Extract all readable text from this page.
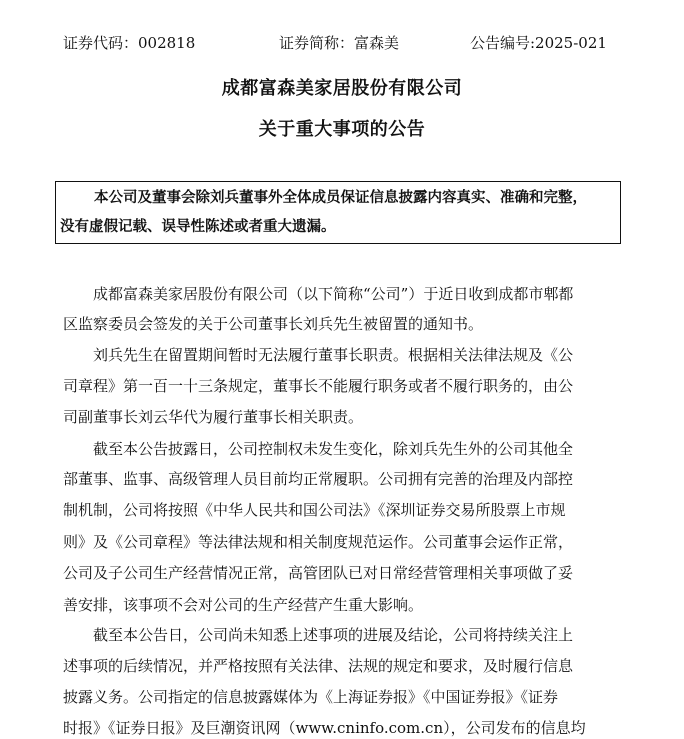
证券代码：002818	证券简称：富森美	公告编号:2025-021
成都富森美家居股份有限公司
关于重大事项的公告
本公司及董事会除刘兵董事外全体成员保证信息披露内容真实、准确和完整，
没有虚假记载、误导性陈述或者重大遗漏。
成都富森美家居股份有限公司（以下简称“公司”）于近日收到成都市郫都
区监察委员会签发的关于公司董事长刘兵先生被留置的通知书。
刘兵先生在留置期间暂时无法履行董事长职责。根据相关法律法规及《公
司章程》第一百一十三条规定，董事长不能履行职务或者不履行职务的，由公
司副董事长刘云华代为履行董事长相关职责。
截至本公告披露日，公司控制权未发生变化，除刘兵先生外的公司其他全
部董事、监事、高级管理人员目前均正常履职。公司拥有完善的治理及内部控
制机制，公司将按照《中华人民共和国公司法》《深圳证券交易所股票上市规
则》及《公司章程》等法律法规和相关制度规范运作。公司董事会运作正常，
公司及子公司生产经营情况正常，高管团队已对日常经营管理相关事项做了妥
善安排，该事项不会对公司的生产经营产生重大影响。
截至本公告日，公司尚未知悉上述事项的进展及结论，公司将持续关注上
述事项的后续情况，并严格按照有关法律、法规的规定和要求，及时履行信息
披露义务。公司指定的信息披露媒体为《上海证券报》《中国证券报》《证券
时报》《证券日报》及巨潮资讯网（www.cninfo.com.cn），公司发布的信息均
